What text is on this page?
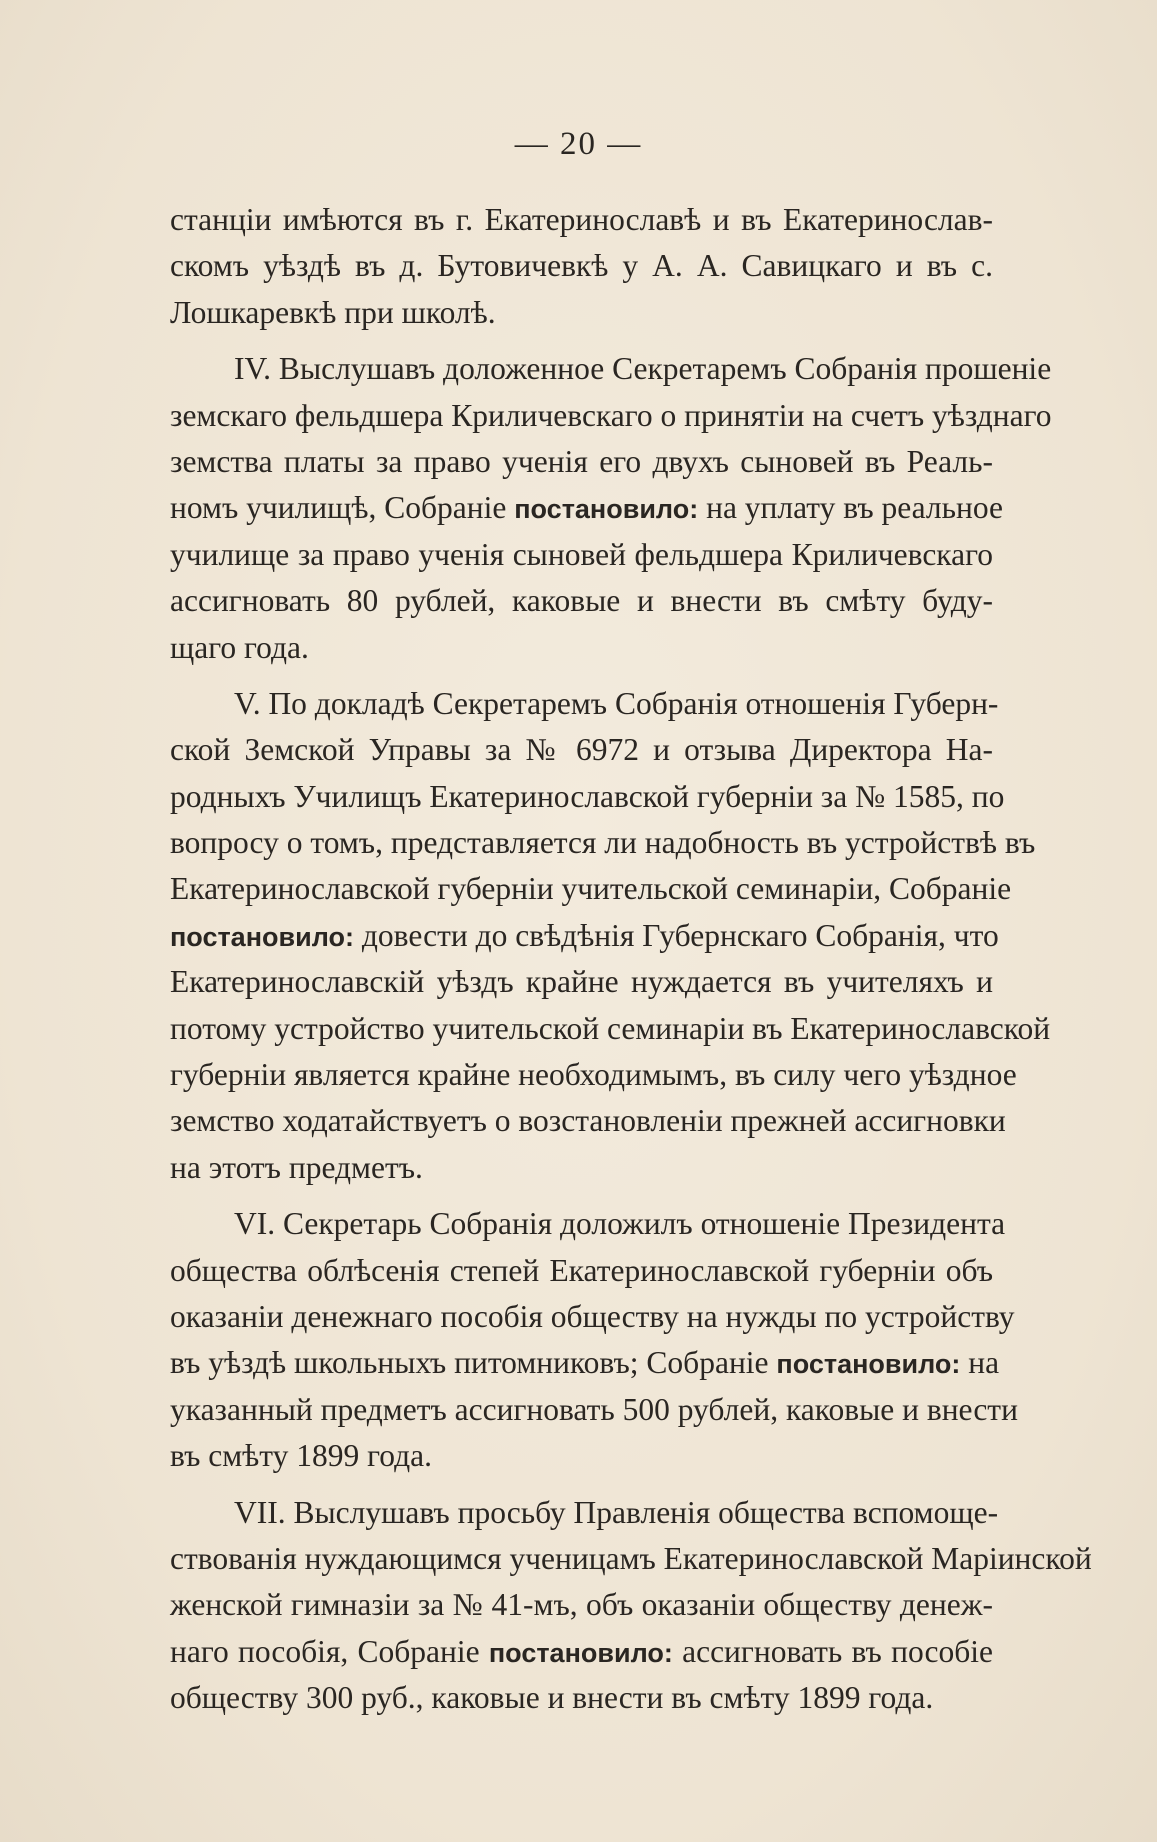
— 20 —
станціи имѣются въ г. Екатеринославѣ и въ Екатеринослав-
скомъ уѣздѣ въ д. Бутовичевкѣ у А. А. Савицкаго и въ с.
Лошкаревкѣ при школѣ.
IV. Выслушавъ доложенное Секретаремъ Собранія прошеніе
земскаго фельдшера Криличевскаго о принятіи на счетъ уѣзднаго
земства платы за право ученія его двухъ сыновей въ Реаль-
номъ училищѣ, Собраніе постановило: на уплату въ реальное
училище за право ученія сыновей фельдшера Криличевскаго
ассигновать 80 рублей, каковые и внести въ смѣту буду-
щаго года.
V. По докладѣ Секретаремъ Собранія отношенія Губерн-
ской Земской Управы за № 6972 и отзыва Директора На-
родныхъ Училищъ Екатеринославской губерніи за № 1585, по
вопросу о томъ, представляется ли надобность въ устройствѣ въ
Екатеринославской губерніи учительской семинаріи, Собраніе
постановило: довести до свѣдѣнія Губернскаго Собранія, что
Екатеринославскій уѣздъ крайне нуждается въ учителяхъ и
потому устройство учительской семинаріи въ Екатеринославской
губерніи является крайне необходимымъ, въ силу чего уѣздное
земство ходатайствуетъ о возстановленіи прежней ассигновки
на этотъ предметъ.
VI. Секретарь Собранія доложилъ отношеніе Президента
общества облѣсенія степей Екатеринославской губерніи объ
оказаніи денежнаго пособія обществу на нужды по устройству
въ уѣздѣ школьныхъ питомниковъ; Собраніе постановило: на
указанный предметъ ассигновать 500 рублей, каковые и внести
въ смѣту 1899 года.
VII. Выслушавъ просьбу Правленія общества вспомоще-
ствованія нуждающимся ученицамъ Екатеринославской Маріинской
женской гимназіи за № 41-мъ, объ оказаніи обществу денеж-
наго пособія, Собраніе постановило: ассигновать въ пособіе
обществу 300 руб., каковые и внести въ смѣту 1899 года.
